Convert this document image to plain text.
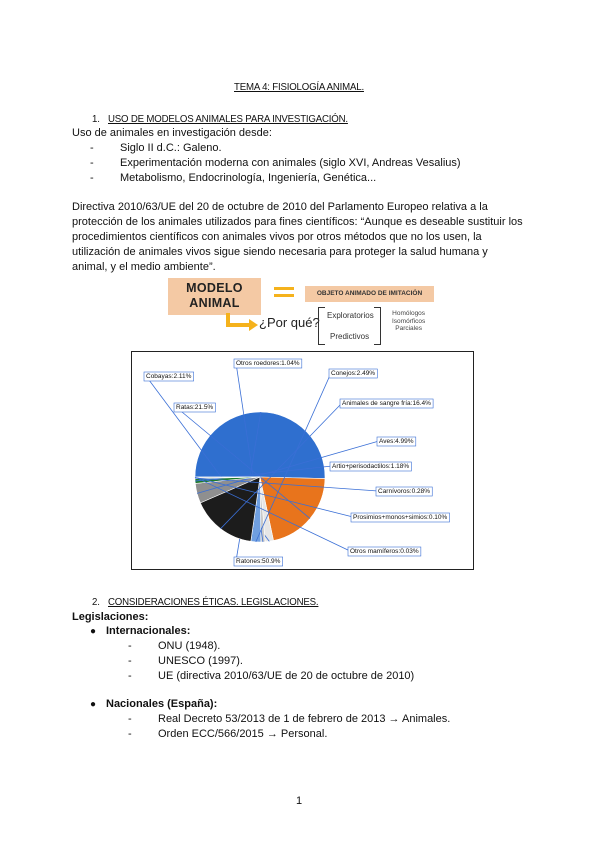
TEMA 4: FISIOLOGÍA ANIMAL.
1. USO DE MODELOS ANIMALES PARA INVESTIGACIÓN.
Uso de animales en investigación desde:
- Siglo II d.C.: Galeno.
- Experimentación moderna con animales (siglo XVI, Andreas Vesalius)
- Metabolismo, Endocrinología, Ingeniería, Genética...
Directiva 2010/63/UE del 20 de octubre de 2010 del Parlamento Europeo relativa a la
protección de los animales utilizados para fines científicos: “Aunque es deseable sustituir los
procedimientos científicos con animales vivos por otros métodos que no los usen, la
utilización de animales vivos sigue siendo necesaria para proteger la salud humana y
animal, y el medio ambiente”.
MODELO
ANIMAL
OBJETO ANIMADO DE IMITACIÓN
¿Por qué? Exploratorios
Predictivos
Homólogos
Isomórficos
Parciales
Ratones:50.9%
Ratas:21.5%
Cobayas:2.11%
Otros roedores:1.04%
Conejos:2.49%
Animales de sangre fría:16.4%
Aves:4.99%
Artio+perisodactilos:1.18%
Carnívoros:0.28%
Prosimios+monos+simios:0.10%
Otros mamíferos:0.03%
2. CONSIDERACIONES ÉTICAS. LEGISLACIONES.
Legislaciones:
● Internacionales:
- ONU (1948).
- UNESCO (1997).
- UE (directiva 2010/63/UE de 20 de octubre de 2010)
● Nacionales (España):
- Real Decreto 53/2013 de 1 de febrero de 2013 → Animales.
- Orden ECC/566/2015 → Personal.
1
